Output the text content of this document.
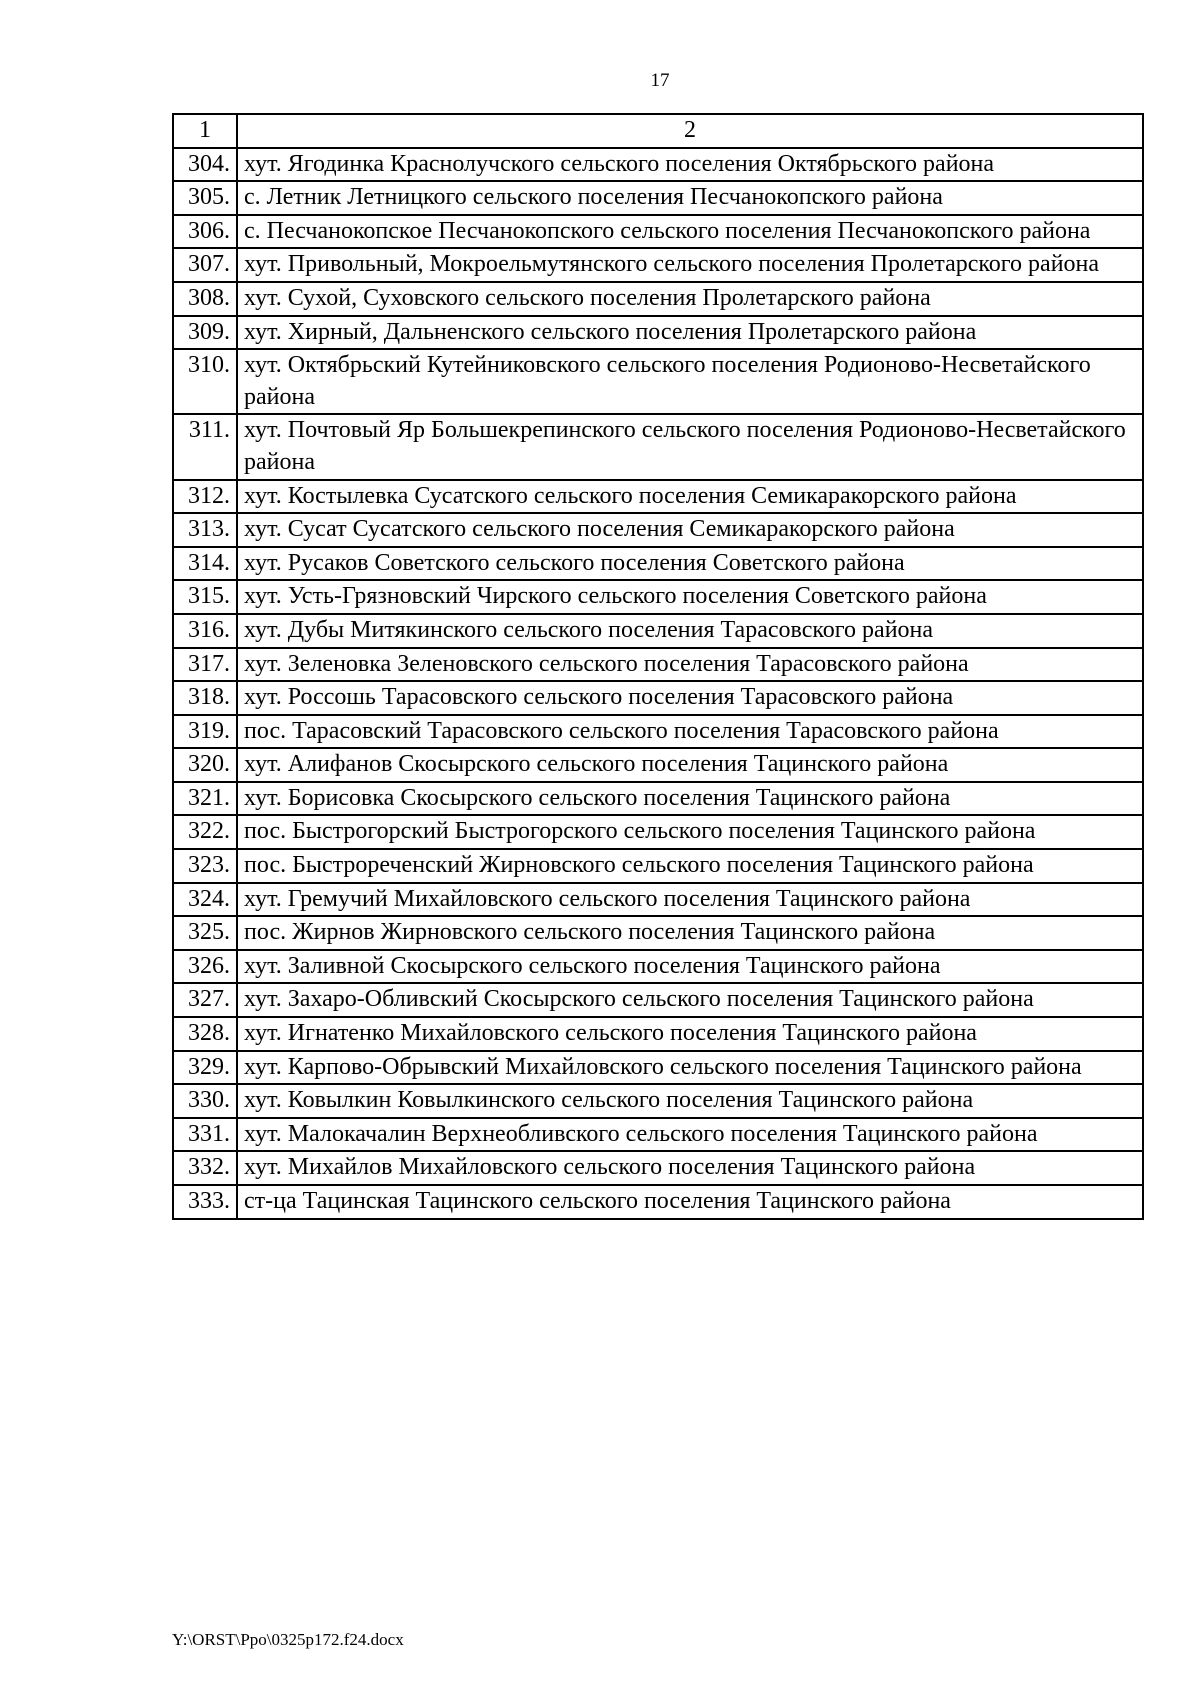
17
1	2
304.	хут. Ягодинка Краснолучского сельского поселения Октябрьского района
305.	с. Летник Летницкого сельского поселения Песчанокопского района
306.	с. Песчанокопское Песчанокопского сельского поселения Песчанокопского района
307.	хут. Привольный, Мокроельмутянского сельского поселения Пролетарского района
308.	хут. Сухой, Суховского сельского поселения Пролетарского района
309.	хут. Хирный, Дальненского сельского поселения Пролетарского района
310.	хут. Октябрьский Кутейниковского сельского поселения Родионово-Несветайского района
311.	хут. Почтовый Яр Большекрепинского сельского поселения Родионово-Несветайского района
312.	хут. Костылевка Сусатского сельского поселения Семикаракорского района
313.	хут. Сусат Сусатского сельского поселения Семикаракорского района
314.	хут. Русаков Советского сельского поселения Советского района
315.	хут. Усть-Грязновский Чирского сельского поселения Советского района
316.	хут. Дубы Митякинского сельского поселения Тарасовского района
317.	хут. Зеленовка Зеленовского сельского поселения Тарасовского района
318.	хут. Россошь Тарасовского сельского поселения Тарасовского района
319.	пос. Тарасовский Тарасовского сельского поселения Тарасовского района
320.	хут. Алифанов Скосырского сельского поселения Тацинского района
321.	хут. Борисовка Скосырского сельского поселения Тацинского района
322.	пос. Быстрогорский Быстрогорского сельского поселения Тацинского района
323.	пос. Быстрореченский Жирновского сельского поселения Тацинского района
324.	хут. Гремучий Михайловского сельского поселения Тацинского района
325.	пос. Жирнов Жирновского сельского поселения Тацинского района
326.	хут. Заливной Скосырского сельского поселения Тацинского района
327.	хут. Захаро-Обливский Скосырского сельского поселения Тацинского района
328.	хут. Игнатенко Михайловского сельского поселения Тацинского района
329.	хут. Карпово-Обрывский Михайловского сельского поселения Тацинского района
330.	хут. Ковылкин Ковылкинского сельского поселения Тацинского района
331.	хут. Малокачалин Верхнеобливского сельского поселения Тацинского района
332.	хут. Михайлов Михайловского сельского поселения Тацинского района
333.	ст-ца Тацинская Тацинского сельского поселения Тацинского района
Y:\ORST\Ppo\0325p172.f24.docx
